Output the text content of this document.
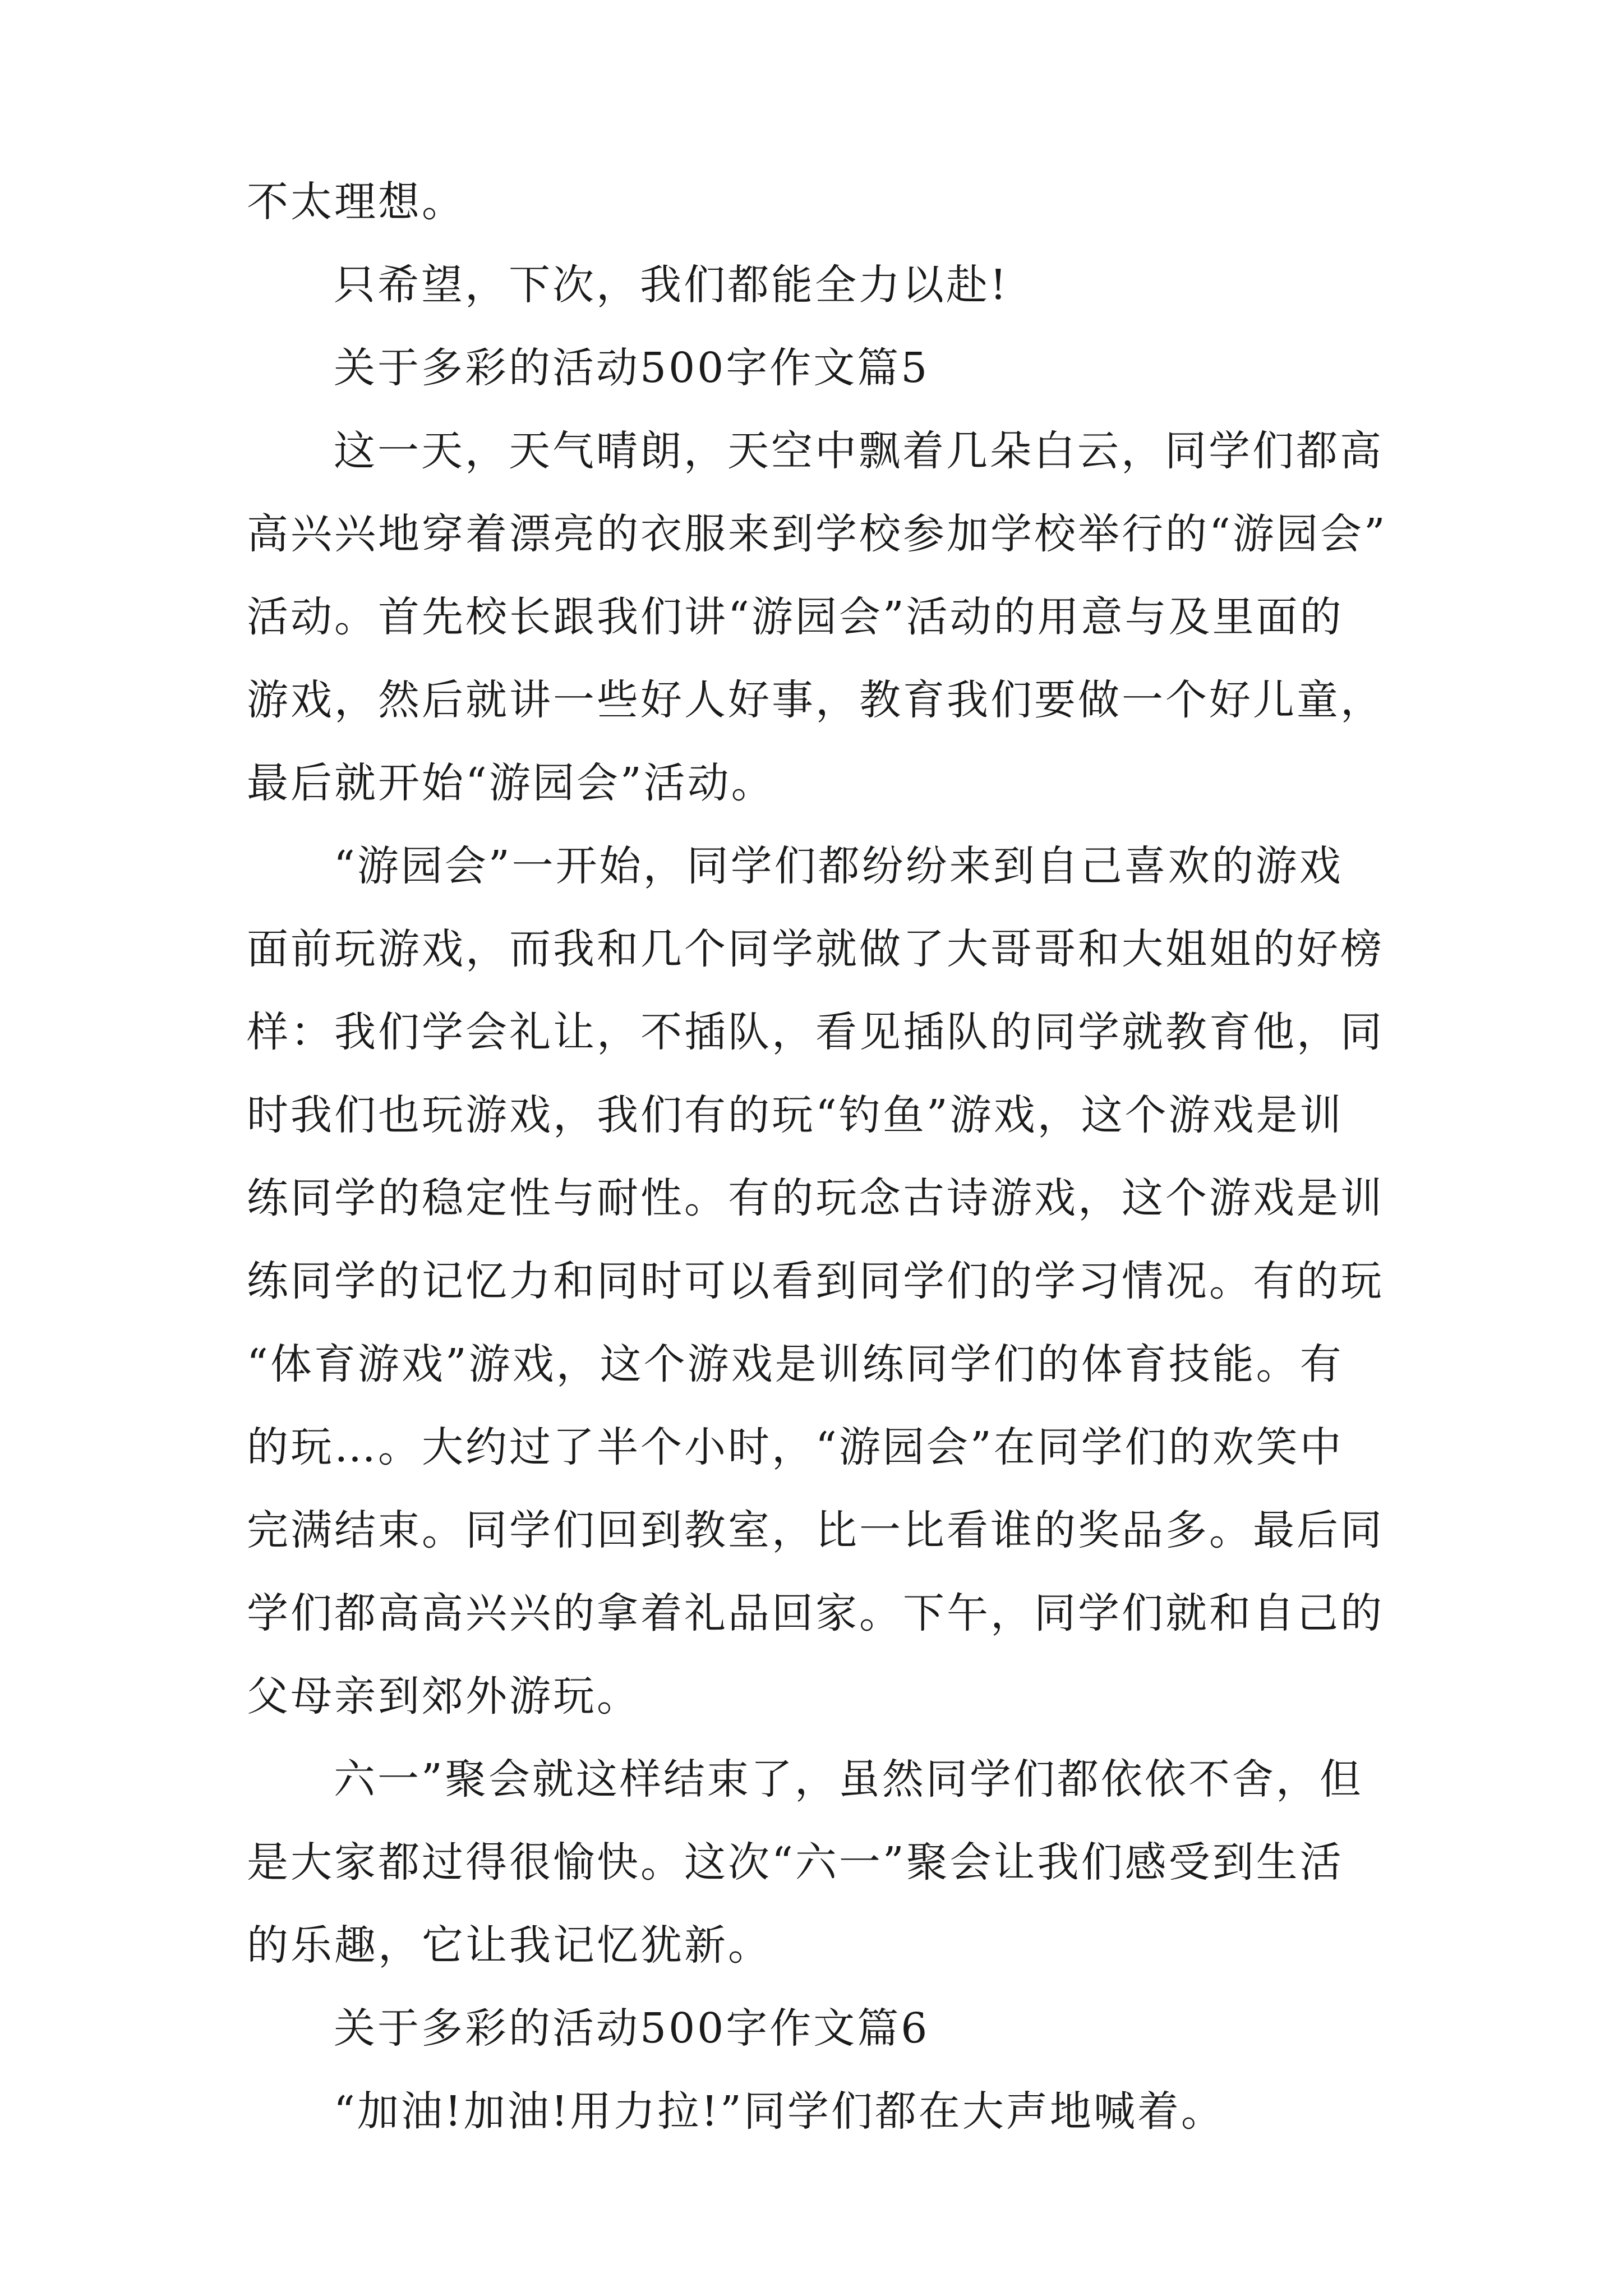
不太理想。
只希望，下次，我们都能全力以赴!
关于多彩的活动500字作文篇5
这一天，天气晴朗，天空中飘着几朵白云，同学们都高
高兴兴地穿着漂亮的衣服来到学校参加学校举行的“游园会”
活动。首先校长跟我们讲“游园会”活动的用意与及里面的
游戏，然后就讲一些好人好事，教育我们要做一个好儿童，
最后就开始“游园会”活动。
“游园会”一开始，同学们都纷纷来到自己喜欢的游戏
面前玩游戏，而我和几个同学就做了大哥哥和大姐姐的好榜
样：我们学会礼让，不插队，看见插队的同学就教育他，同
时我们也玩游戏，我们有的玩“钓鱼”游戏，这个游戏是训
练同学的稳定性与耐性。有的玩念古诗游戏，这个游戏是训
练同学的记忆力和同时可以看到同学们的学习情况。有的玩
“体育游戏”游戏，这个游戏是训练同学们的体育技能。有
的玩…。大约过了半个小时，“游园会”在同学们的欢笑中
完满结束。同学们回到教室，比一比看谁的奖品多。最后同
学们都高高兴兴的拿着礼品回家。下午，同学们就和自己的
父母亲到郊外游玩。
六一”聚会就这样结束了，虽然同学们都依依不舍，但
是大家都过得很愉快。这次“六一”聚会让我们感受到生活
的乐趣，它让我记忆犹新。
关于多彩的活动500字作文篇6
“加油!加油!用力拉!”同学们都在大声地喊着。
